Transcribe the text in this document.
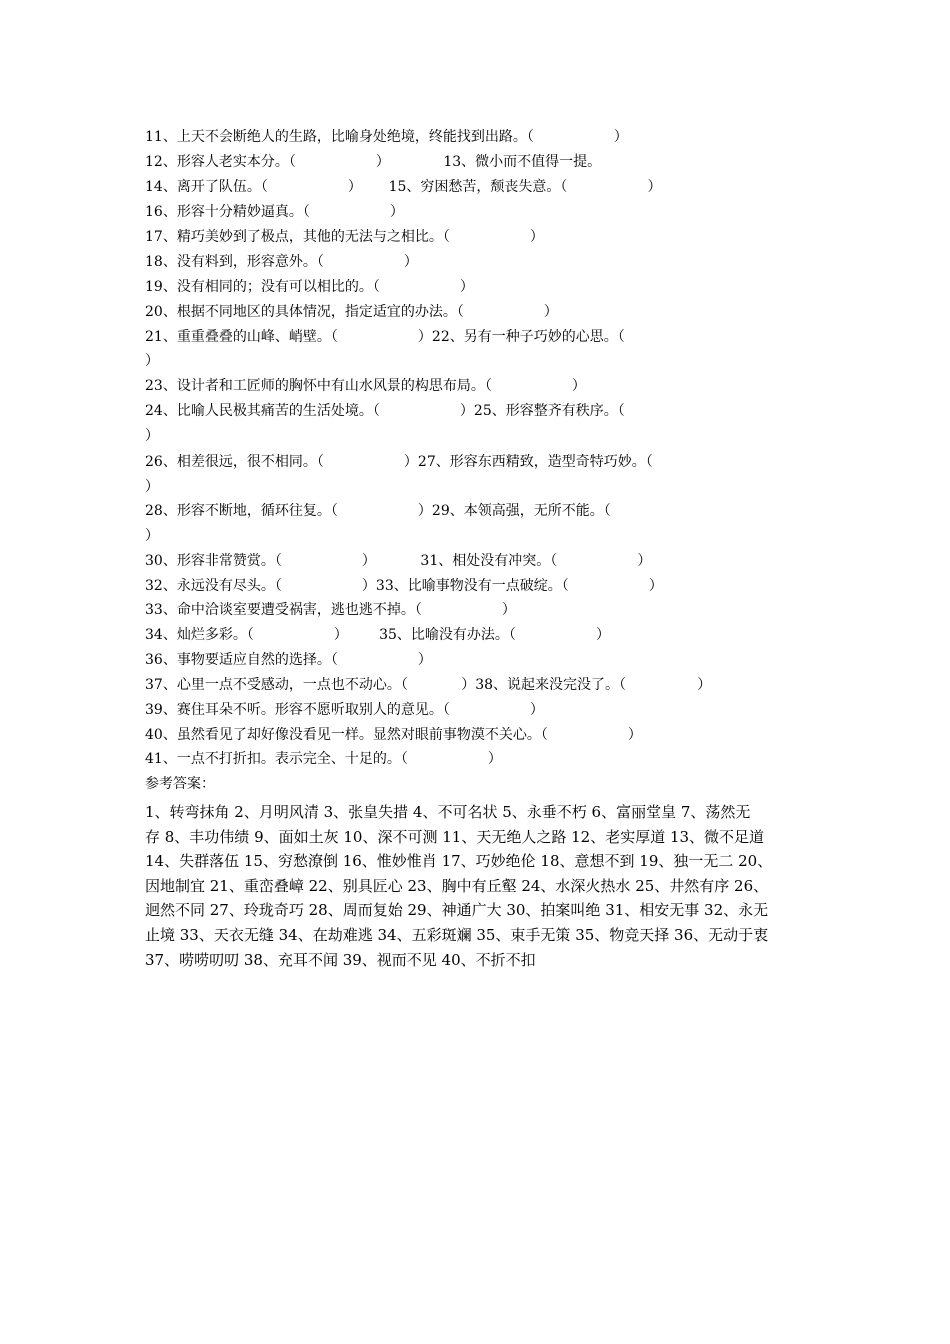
11、上天不会断绝人的生路，比喻身处绝境，终能找到出路。（                  ）
12、形容人老实本分。（                  ）            13、微小而不值得一提。
14、离开了队伍。（                  ）      15、穷困愁苦，颓丧失意。（                  ）
16、形容十分精妙逼真。（                  ）
17、精巧美妙到了极点，其他的无法与之相比。（                  ）
18、没有料到，形容意外。（                  ）
19、没有相同的；没有可以相比的。（                  ）
20、根据不同地区的具体情况，指定适宜的办法。（                  ）
21、重重叠叠的山峰、峭壁。（                  ）22、另有一种子巧妙的心思。（
）
23、设计者和工匠师的胸怀中有山水风景的构思布局。（                  ）
24、比喻人民极其痛苦的生活处境。（                  ）25、形容整齐有秩序。（
）
26、相差很远，很不相同。（                  ）27、形容东西精致，造型奇特巧妙。（
）
28、形容不断地，循环往复。（                  ）29、本领高强，无所不能。（
）
30、形容非常赞赏。（                  ）          31、相处没有冲突。（                  ）
32、永远没有尽头。（                  ）33、比喻事物没有一点破绽。（                  ）
33、命中洽谈室要遭受祸害，逃也逃不掉。（                  ）
34、灿烂多彩。（                  ）       35、比喻没有办法。（                  ）
36、事物要适应自然的选择。（                  ）
37、心里一点不受感动，一点也不动心。（            ）38、说起来没完没了。（                ）
39、赛住耳朵不听。形容不愿听取别人的意见。（                  ）
40、虽然看见了却好像没看见一样。显然对眼前事物漠不关心。（                  ）
41、一点不打折扣。表示完全、十足的。（                  ）
参考答案：
1、转弯抹角 2、月明风清 3、张皇失措 4、不可名状 5、永垂不朽 6、富丽堂皇 7、荡然无
存 8、丰功伟绩 9、面如土灰 10、深不可测 11、天无绝人之路 12、老实厚道 13、微不足道
14、失群落伍 15、穷愁潦倒 16、惟妙惟肖 17、巧妙绝伦 18、意想不到 19、独一无二 20、
因地制宜 21、重峦叠嶂 22、别具匠心 23、胸中有丘壑 24、水深火热水 25、井然有序 26、
迥然不同 27、玲珑奇巧 28、周而复始 29、神通广大 30、拍案叫绝 31、相安无事 32、永无
止境 33、天衣无缝 34、在劫难逃 34、五彩斑斓 35、束手无策 35、物竞天择 36、无动于衷
37、唠唠叨叨 38、充耳不闻 39、视而不见 40、不折不扣
